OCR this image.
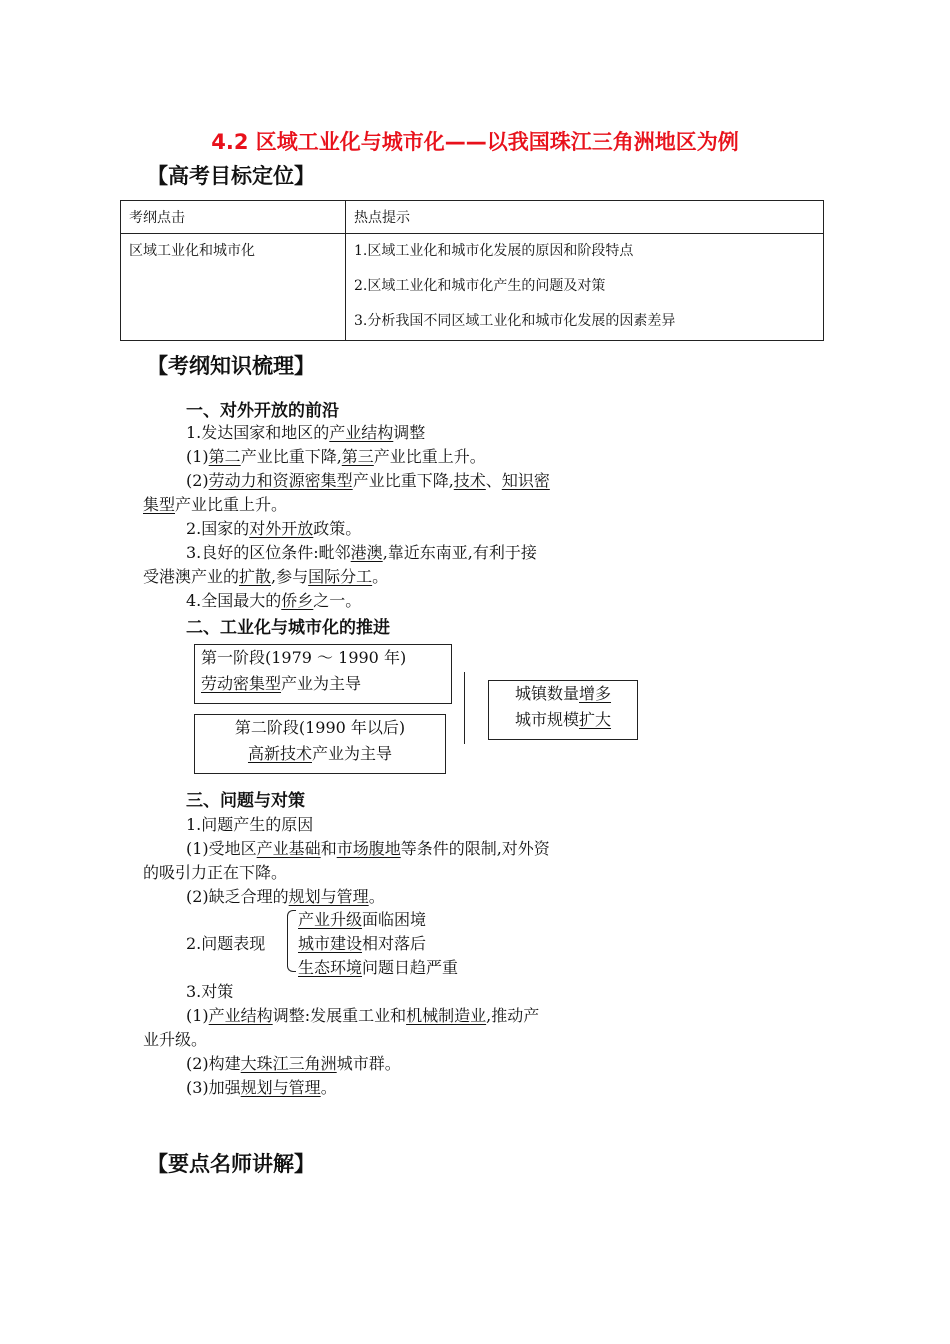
4.2 区域工业化与城市化——以我国珠江三角洲地区为例
【高考目标定位】
考纲点击	热点提示
区域工业化和城市化	1.区域工业化和城市化发展的原因和阶段特点

2.区域工业化和城市化产生的问题及对策

3.分析我国不同区域工业化和城市化发展的因素差异

【考纲知识梳理】
一、对外开放的前沿
1.发达国家和地区的产业结构调整
(1)第二产业比重下降,第三产业比重上升。
(2)劳动力和资源密集型产业比重下降,技术、知识密
集型产业比重上升。
2.国家的对外开放政策。
3.良好的区位条件:毗邻港澳,靠近东南亚,有利于接
受港澳产业的扩散,参与国际分工。
4.全国最大的侨乡之一。
二、工业化与城市化的推进
第一阶段(1979 ～ 1990 年)
劳动密集型产业为主导
第二阶段(1990 年以后)
高新技术产业为主导
城镇数量增多
城市规模扩大
三、问题与对策
1.问题产生的原因
(1)受地区产业基础和市场腹地等条件的限制,对外资
的吸引力正在下降。
(2)缺乏合理的规划与管理。
产业升级面临困境
2.问题表现 城市建设相对落后
生态环境问题日趋严重
3.对策
(1)产业结构调整:发展重工业和机械制造业,推动产
业升级。
(2)构建大珠江三角洲城市群。
(3)加强规划与管理。
【要点名师讲解】
